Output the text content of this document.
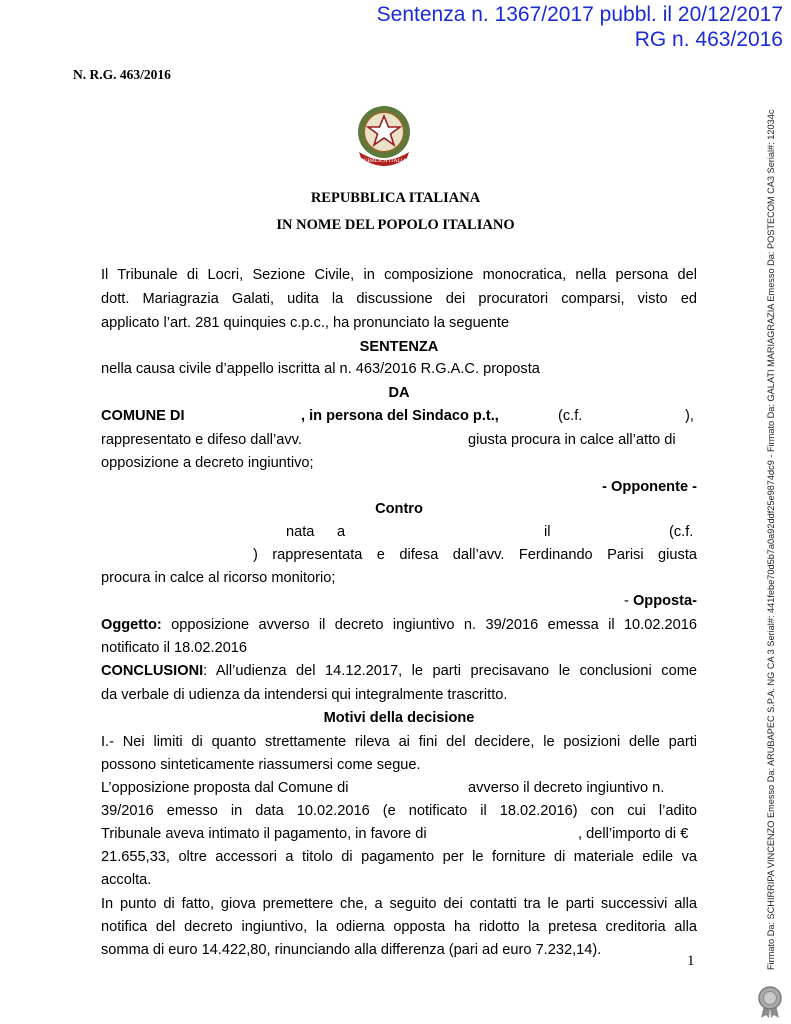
Sentenza n. 1367/2017 pubbl. il 20/12/2017
RG n. 463/2016
N. R.G. 463/2016
REPUBBLICA ITALIANA
REPUBBLICA ITALIANA
IN NOME DEL POPOLO ITALIANO
Il Tribunale di Locri, Sezione Civile, in composizione monocratica, nella persona del
dott. Mariagrazia Galati, udita la discussione dei procuratori comparsi, visto ed
applicato l’art. 281 quinquies c.p.c., ha pronunciato la seguente
SENTENZA
nella causa civile d’appello iscritta al n. 463/2016 R.G.A.C. proposta
DA
COMUNE DI	, in persona del Sindaco p.t.,	(c.f.	),
rappresentato e difeso dall’avv.	giusta procura in calce all’atto di
opposizione a decreto ingiuntivo;
- Opponente -
Contro
nata a	il	(c.f.
) rappresentata e difesa dall’avv. Ferdinando Parisi giusta
procura in calce al ricorso monitorio;
- Opposta-
Oggetto: opposizione avverso il decreto ingiuntivo n. 39/2016 emessa il 10.02.2016
notificato il 18.02.2016
CONCLUSIONI: All’udienza del 14.12.2017, le parti precisavano le conclusioni come
da verbale di udienza da intendersi qui integralmente trascritto.
Motivi della decisione
I.- Nei limiti di quanto strettamente rileva ai fini del decidere, le posizioni delle parti
possono sinteticamente riassumersi come segue.
L’opposizione proposta dal Comune di	avverso il decreto ingiuntivo n.
39/2016 emesso in data 10.02.2016 (e notificato il 18.02.2016) con cui l’adito
Tribunale aveva intimato il pagamento, in favore di	, dell’importo di €
21.655,33, oltre accessori a titolo di pagamento per le forniture di materiale edile va
accolta.
In punto di fatto, giova premettere che, a seguito dei contatti tra le parti successivi alla
notifica del decreto ingiuntivo, la odierna opposta ha ridotto la pretesa creditoria alla
somma di euro 14.422,80, rinunciando alla differenza (pari ad euro 7.232,14).
1	Firmato Da: SCHIRRIPA VINCENZO Emesso Da: ARUBAPEC S.P.A. NG CA 3 Serial#: 441febe70d5b7a0a92ddf25e9874dc9 - Firmato Da: GALATI MARIAGRAZIA Emesso Da: POSTECOM CA3 Serial#: 12034c
